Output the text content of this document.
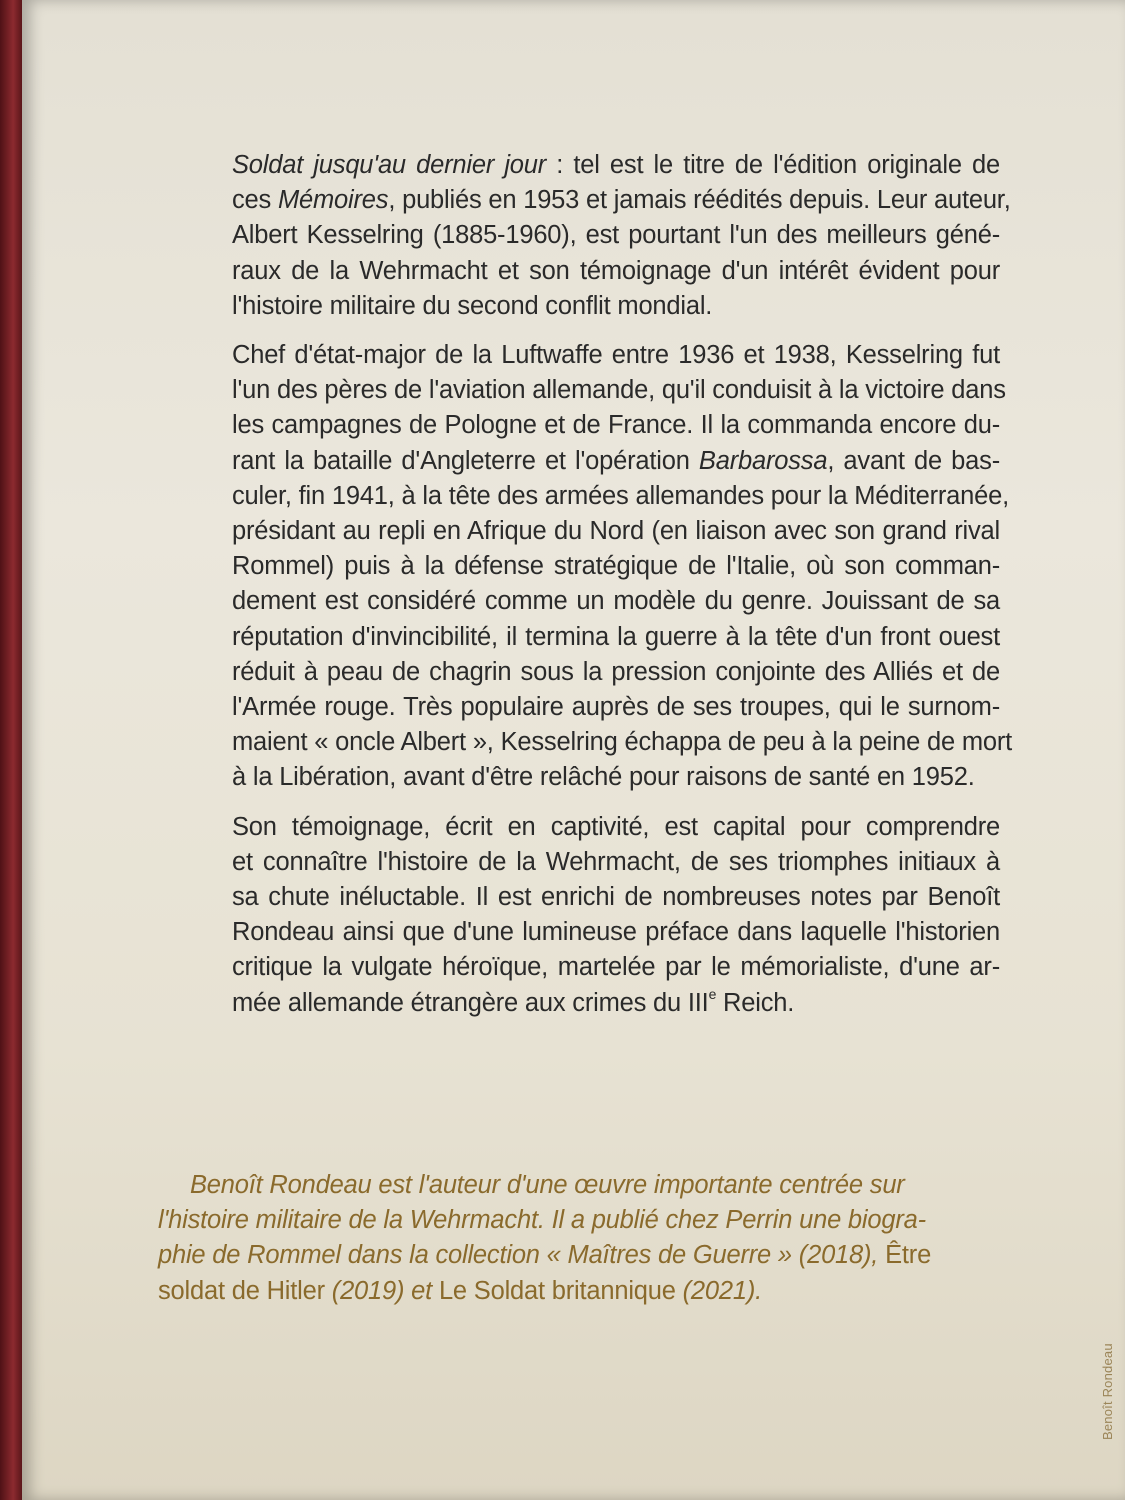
Soldat jusqu'au dernier jour : tel est le titre de l'édition originale de
ces Mémoires, publiés en 1953 et jamais réédités depuis. Leur auteur,
Albert Kesselring (1885-1960), est pourtant l'un des meilleurs géné-
raux de la Wehrmacht et son témoignage d'un intérêt évident pour
l'histoire militaire du second conflit mondial.
Chef d'état-major de la Luftwaffe entre 1936 et 1938, Kesselring fut
l'un des pères de l'aviation allemande, qu'il conduisit à la victoire dans
les campagnes de Pologne et de France. Il la commanda encore du-
rant la bataille d'Angleterre et l'opération Barbarossa, avant de bas-
culer, fin 1941, à la tête des armées allemandes pour la Méditerranée,
présidant au repli en Afrique du Nord (en liaison avec son grand rival
Rommel) puis à la défense stratégique de l'Italie, où son comman-
dement est considéré comme un modèle du genre. Jouissant de sa
réputation d'invincibilité, il termina la guerre à la tête d'un front ouest
réduit à peau de chagrin sous la pression conjointe des Alliés et de
l'Armée rouge. Très populaire auprès de ses troupes, qui le surnom-
maient « oncle Albert », Kesselring échappa de peu à la peine de mort
à la Libération, avant d'être relâché pour raisons de santé en 1952.
Son témoignage, écrit en captivité, est capital pour comprendre
et connaître l'histoire de la Wehrmacht, de ses triomphes initiaux à
sa chute inéluctable. Il est enrichi de nombreuses notes par Benoît
Rondeau ainsi que d'une lumineuse préface dans laquelle l'historien
critique la vulgate héroïque, martelée par le mémorialiste, d'une ar-
mée allemande étrangère aux crimes du IIIe Reich.
Benoît Rondeau est l'auteur d'une œuvre importante centrée sur
l'histoire militaire de la Wehrmacht. Il a publié chez Perrin une biogra-
phie de Rommel dans la collection « Maîtres de Guerre » (2018), Être
soldat de Hitler (2019) et Le Soldat britannique (2021).
Benoît Rondeau
